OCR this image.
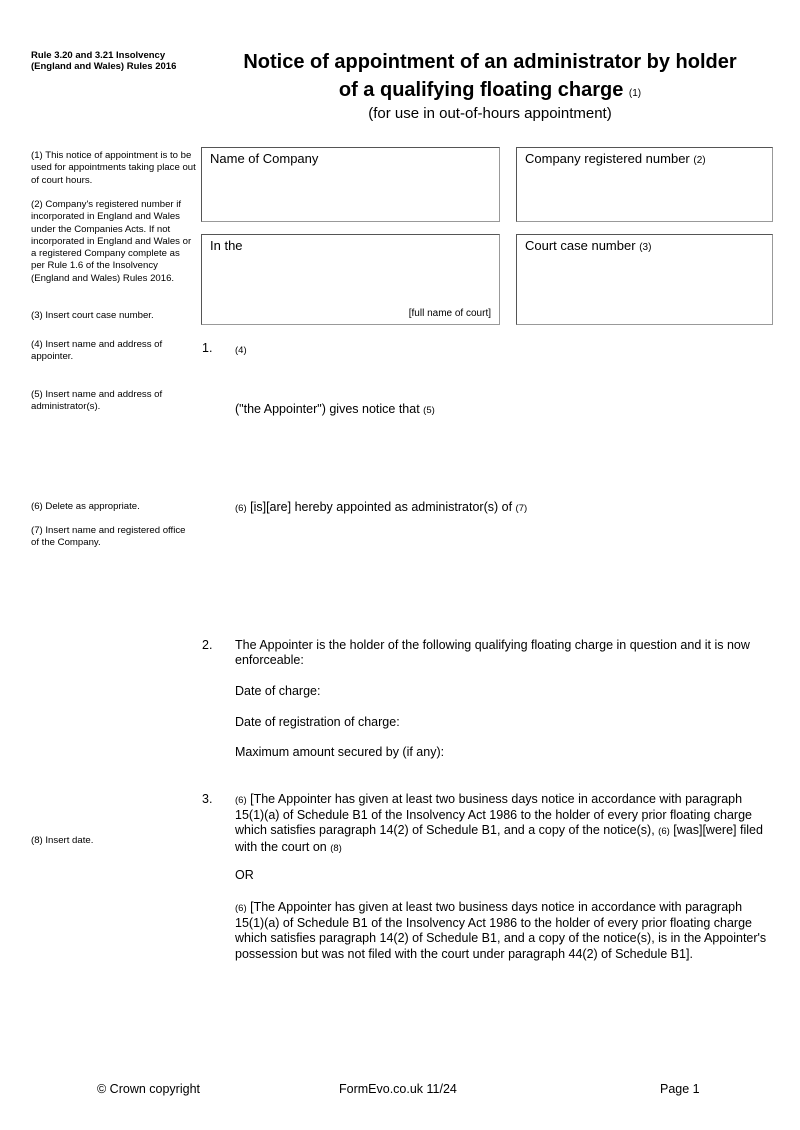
Rule 3.20 and 3.21 Insolvency (England and Wales) Rules 2016	Notice of appointment of an administrator by holder
of a qualifying floating charge (1)
(for use in out-of-hours appointment)
(1) This notice of appointment is to be used for appointments taking place out of court hours.
(2) Company's registered number if incorporated in England and Wales under the Companies Acts. If not incorporated in England and Wales or a registered Company complete as per Rule 1.6 of the Insolvency (England and Wales) Rules 2016.
(3) Insert court case number.
(4) Insert name and address of appointer.
(5) Insert name and address of administrator(s).
(6) Delete as appropriate.
(7) Insert name and registered office of the Company.
(8) Insert date.
Name of Company	Company registered number (2)
In the
[full name of court]
Court case number (3)
1. (4)
("the Appointer") gives notice that (5)
(6) [is][are] hereby appointed as administrator(s) of (7)
2. The Appointer is the holder of the following qualifying floating charge in question and it is now enforceable:
Date of charge:
Date of registration of charge:
Maximum amount secured by (if any):
3. (6) [The Appointer has given at least two business days notice in accordance with paragraph 15(1)(a) of Schedule B1 of the Insolvency Act 1986 to the holder of every prior floating charge which satisfies paragraph 14(2) of Schedule B1, and a copy of the notice(s), (6) [was][were] filed with the court on (8)
OR
(6) [The Appointer has given at least two business days notice in accordance with paragraph 15(1)(a) of Schedule B1 of the Insolvency Act 1986 to the holder of every prior floating charge which satisfies paragraph 14(2) of Schedule B1, and a copy of the notice(s), is in the Appointer's possession but was not filed with the court under paragraph 44(2) of Schedule B1].
© Crown copyright	FormEvo.co.uk 11/24	Page 1
